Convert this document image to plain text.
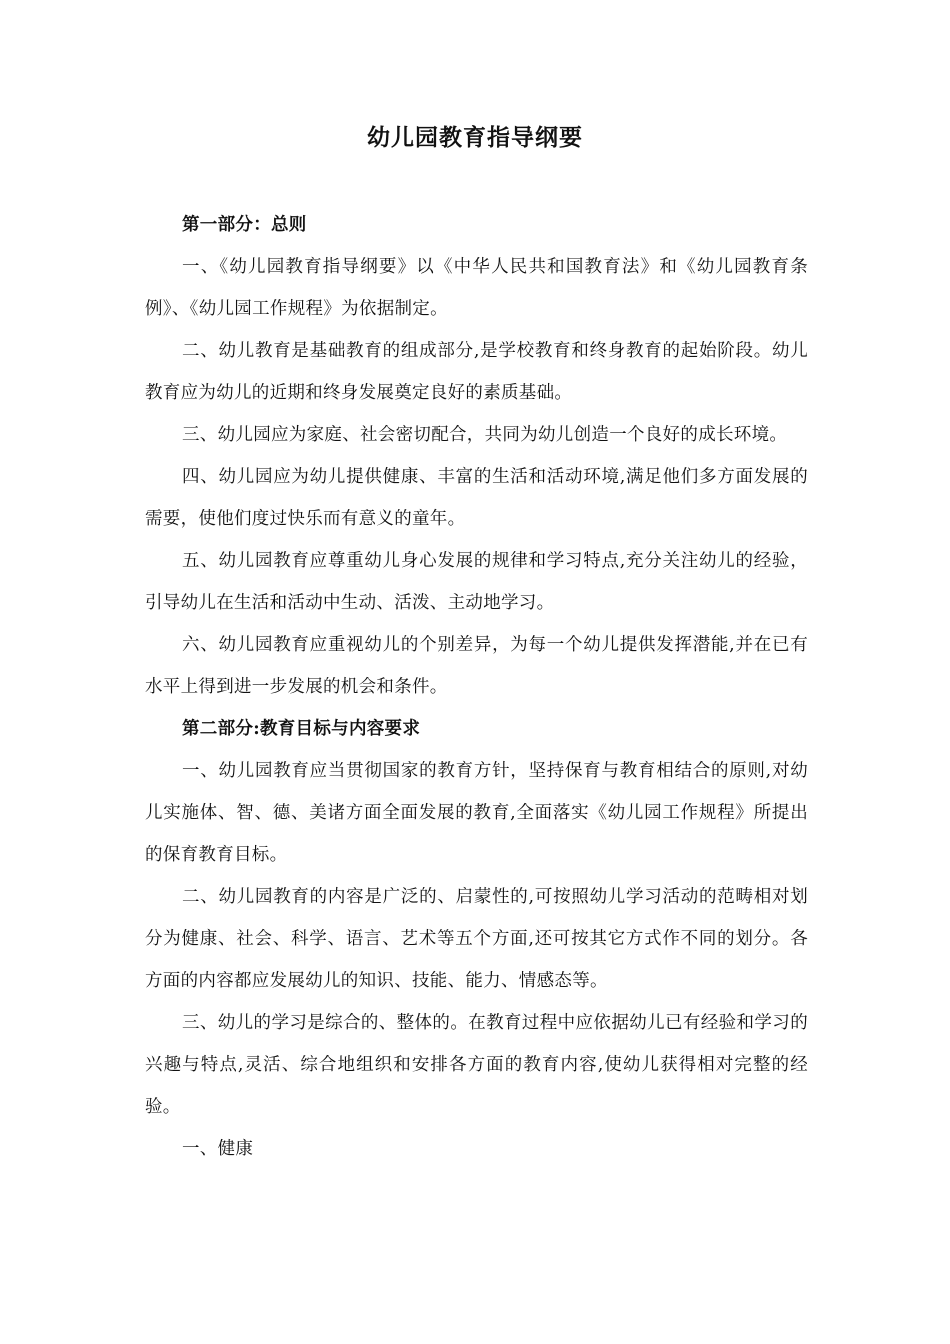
幼儿园教育指导纲要

第一部分：总则

一、《幼儿园教育指导纲要》以《中华人民共和国教育法》和《幼儿园教育条例》、《幼儿园工作规程》为依据制定。

二、幼儿教育是基础教育的组成部分,是学校教育和终身教育的起始阶段。幼儿教育应为幼儿的近期和终身发展奠定良好的素质基础。

三、幼儿园应为家庭、社会密切配合，共同为幼儿创造一个良好的成长环境。

四、幼儿园应为幼儿提供健康、丰富的生活和活动环境,满足他们多方面发展的需要，使他们度过快乐而有意义的童年。

五、幼儿园教育应尊重幼儿身心发展的规律和学习特点,充分关注幼儿的经验，引导幼儿在生活和活动中生动、活泼、主动地学习。

六、幼儿园教育应重视幼儿的个别差异，为每一个幼儿提供发挥潜能,并在已有水平上得到进一步发展的机会和条件。

第二部分:教育目标与内容要求

一、幼儿园教育应当贯彻国家的教育方针，坚持保育与教育相结合的原则,对幼儿实施体、智、德、美诸方面全面发展的教育,全面落实《幼儿园工作规程》所提出的保育教育目标。

二、幼儿园教育的内容是广泛的、启蒙性的,可按照幼儿学习活动的范畴相对划分为健康、社会、科学、语言、艺术等五个方面,还可按其它方式作不同的划分。各方面的内容都应发展幼儿的知识、技能、能力、情感态等。

三、幼儿的学习是综合的、整体的。在教育过程中应依据幼儿已有经验和学习的兴趣与特点,灵活、综合地组织和安排各方面的教育内容,使幼儿获得相对完整的经验。

一、健康
